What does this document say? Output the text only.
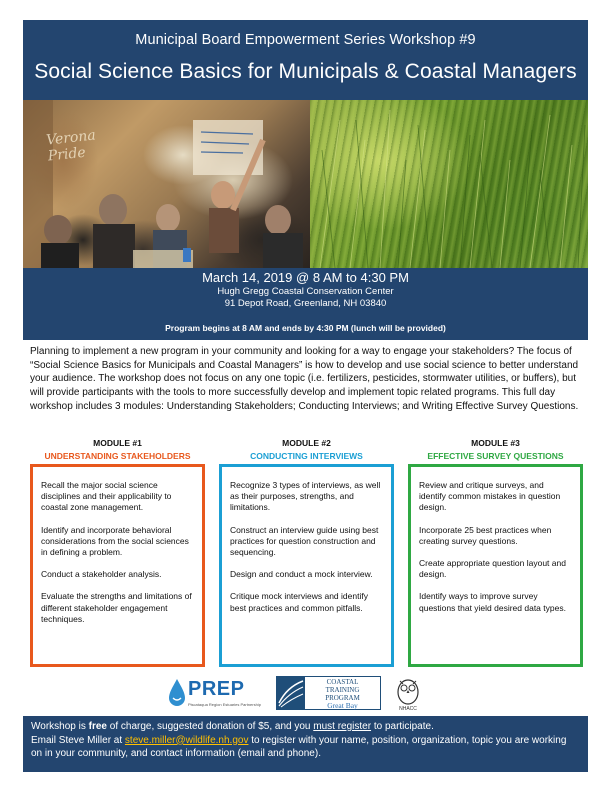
Municipal Board Empowerment Series Workshop #9
Social Science Basics for Municipals & Coastal Managers
Verona
Pride
March 14, 2019 @ 8 AM to 4:30 PM
Hugh Gregg Coastal Conservation Center
91 Depot Road, Greenland, NH 03840
Program begins at 8 AM and ends by 4:30 PM (lunch will be provided)
Planning to implement a new program in your community and looking for a way to engage your stakeholders? The focus of “Social Science Basics for Municipals and Coastal Managers” is how to develop and use social science to better understand your audience. The workshop does not focus on any one topic (i.e. fertilizers, pesticides, stormwater utilities, or buffers), but will provide participants with the tools to more successfully develop and implement topic related programs. This full day workshop includes 3 modules: Understanding Stakeholders; Conducting Interviews; and Writing Effective Survey Questions.
MODULE #1
UNDERSTANDING STAKEHOLDERS
MODULE #2
CONDUCTING INTERVIEWS
MODULE #3
EFFECTIVE SURVEY QUESTIONS

Recall the major social science disciplines and their applicability to coastal zone management.

Identify and incorporate behavioral considerations from the social sciences in defining a problem.

Conduct a stakeholder analysis.

Evaluate the strengths and limitations of different stakeholder engagement techniques.

Recognize 3 types of interviews, as well as their purposes, strengths, and limitations.

Construct an interview guide using best practices for question construction and sequencing.

Design and conduct a mock interview.

Critique mock interviews and identify best practices and common pitfalls.

Review and critique surveys, and identify common mistakes in question design.

Incorporate 25 best practices when creating survey questions.

Create appropriate question layout and design.

Identify ways to improve survey questions that yield desired data types.

PREP
Piscataqua Region Estuaries Partnership
COASTAL
TRAINING
PROGRAM
Great Bay	NHACC
Workshop is free of charge, suggested donation of $5, and you must register to participate.
Email Steve Miller at steve.miller@wildlife.nh.gov to register with your name, position, organization, topic you are working on in your community, and contact information (email and phone).
